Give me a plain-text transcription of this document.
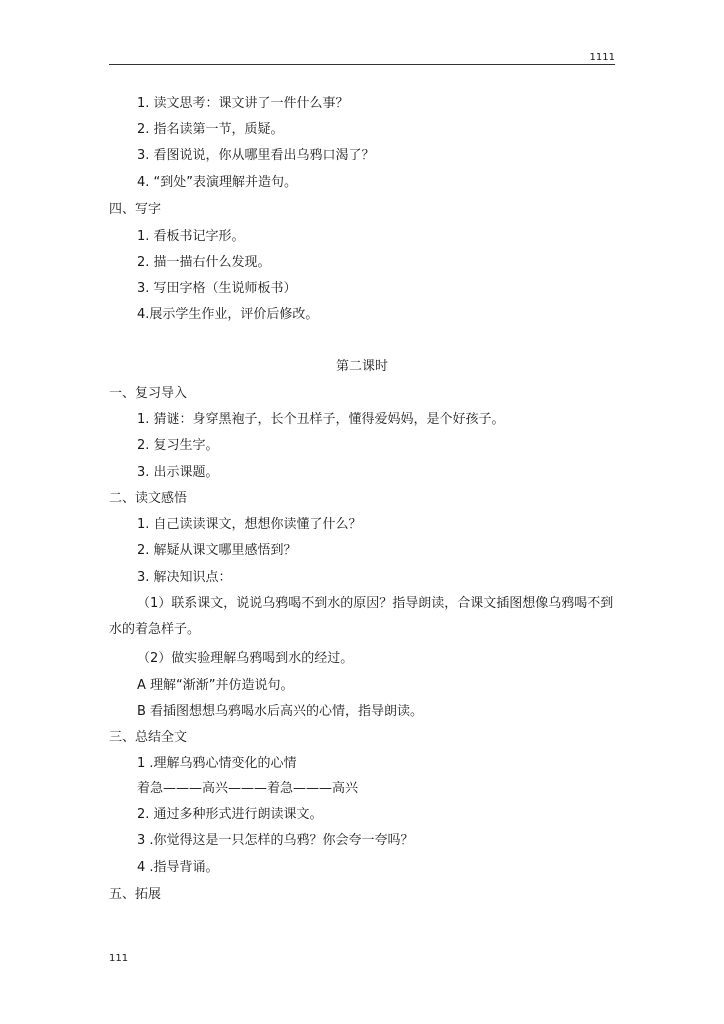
1111
1. 读文思考：课文讲了一件什么事？
2. 指名读第一节，质疑。
3. 看图说说，你从哪里看出乌鸦口渴了？
4. “到处”表演理解并造句。
四、写字
1. 看板书记字形。
2. 描一描右什么发现。
3. 写田字格（生说师板书）
4.展示学生作业，评价后修改。
第二课时
一、复习导入
1. 猜谜：身穿黑袍子，长个丑样子，懂得爱妈妈，是个好孩子。
2. 复习生字。
3. 出示课题。
二、读文感悟
1. 自己读读课文，想想你读懂了什么？
2. 解疑从课文哪里感悟到？
3. 解决知识点：
（1）联系课文，说说乌鸦喝不到水的原因？指导朗读，合课文插图想像乌鸦喝不到水的着急样子。
（2）做实验理解乌鸦喝到水的经过。
A 理解“渐渐”并仿造说句。
B 看插图想想乌鸦喝水后高兴的心情，指导朗读。
三、总结全文
1 .理解乌鸦心情变化的心情
着急———高兴———着急———高兴
2. 通过多种形式进行朗读课文。
3 .你觉得这是一只怎样的乌鸦？你会夸一夸吗？
4 .指导背诵。
五、拓展
111
